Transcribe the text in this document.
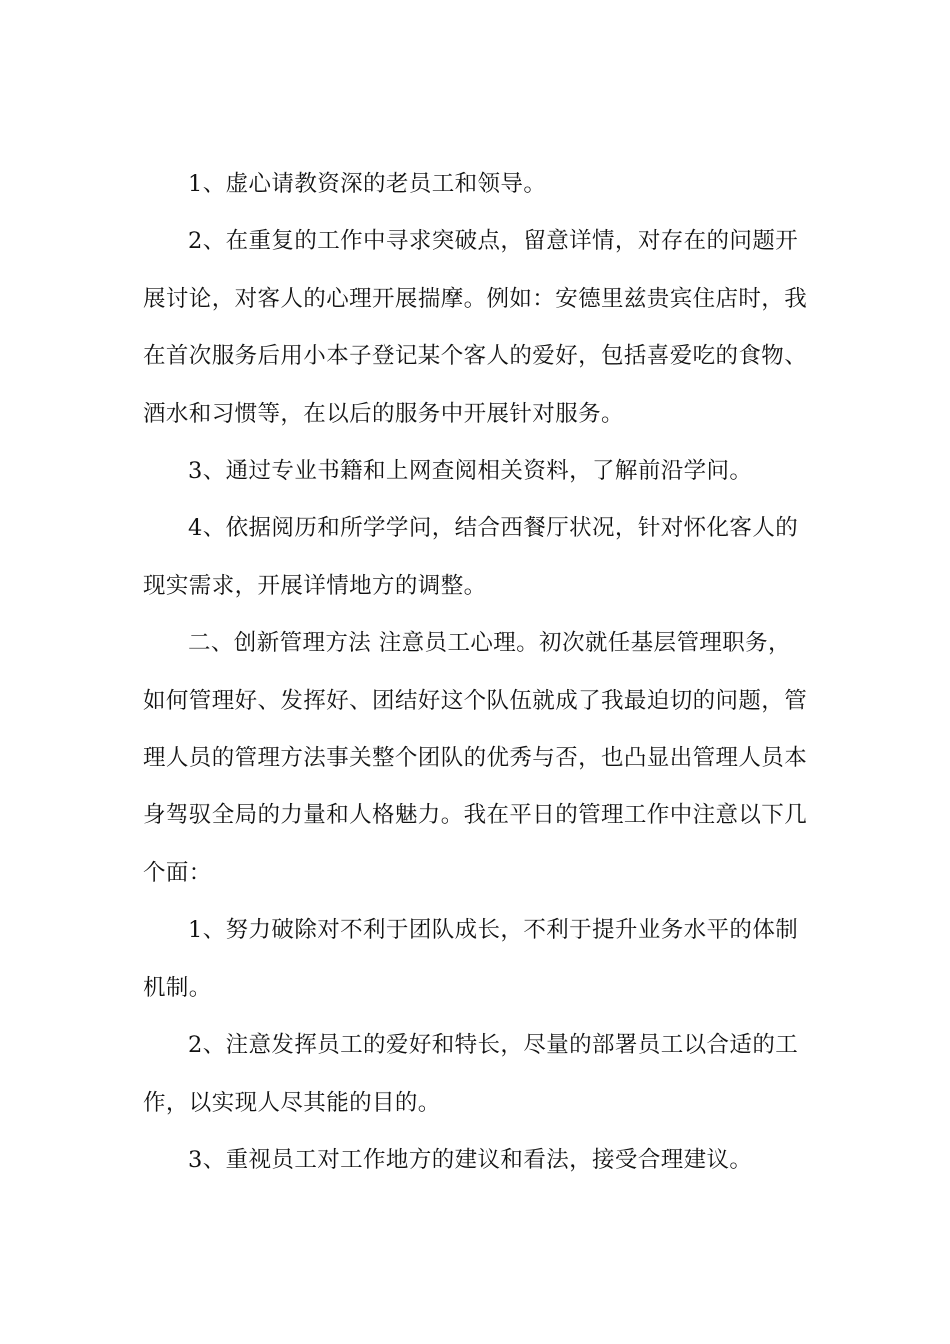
1、虚心请教资深的老员工和领导。

2、在重复的工作中寻求突破点，留意详情，对存在的问题开
展讨论，对客人的心理开展揣摩。例如：安德里兹贵宾住店时，我
在首次服务后用小本子登记某个客人的爱好，包括喜爱吃的食物、
酒水和习惯等，在以后的服务中开展针对服务。

3、通过专业书籍和上网查阅相关资料，了解前沿学问。

4、依据阅历和所学学问，结合西餐厅状况，针对怀化客人的
现实需求，开展详情地方的调整。

二、创新管理方法 注意员工心理。初次就任基层管理职务，
如何管理好、发挥好、团结好这个队伍就成了我最迫切的问题，管
理人员的管理方法事关整个团队的优秀与否，也凸显出管理人员本
身驾驭全局的力量和人格魅力。我在平日的管理工作中注意以下几
个面：

1、努力破除对不利于团队成长，不利于提升业务水平的体制
机制。

2、注意发挥员工的爱好和特长，尽量的部署员工以合适的工
作，以实现人尽其能的目的。

3、重视员工对工作地方的建议和看法，接受合理建议。
